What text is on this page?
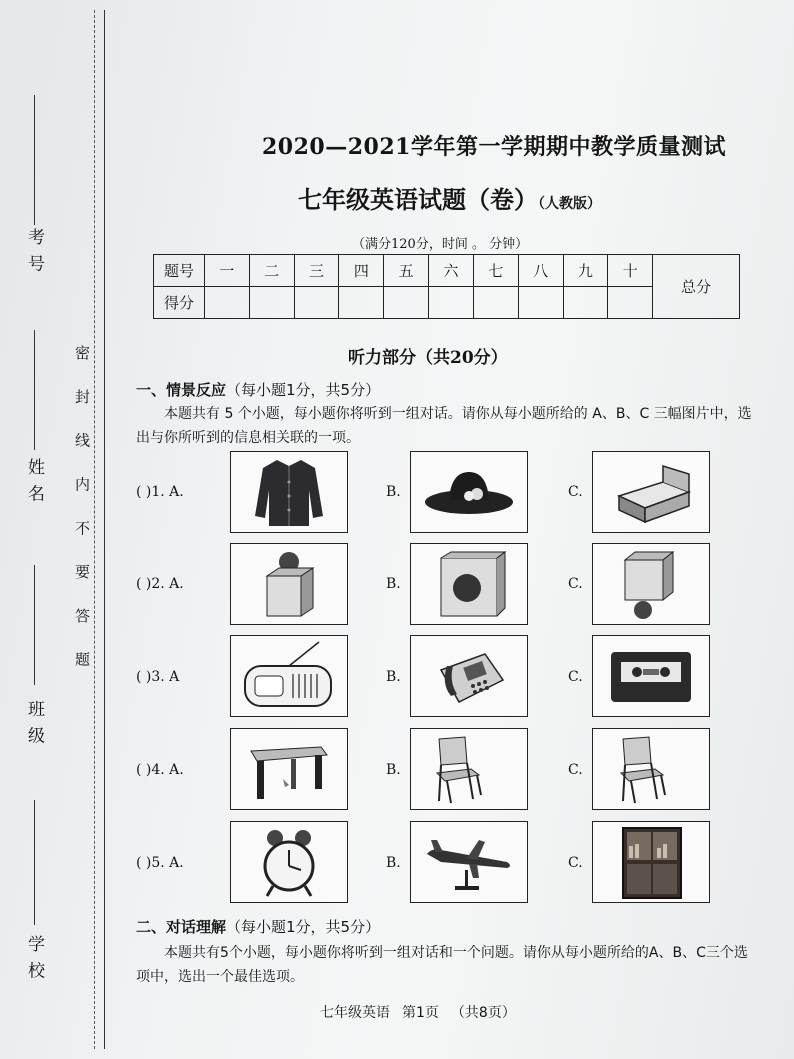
考 号
姓 名
班 级
学 校
密 封 线 内 不 要 答 题
2020—2021学年第一学期期中教学质量测试
七年级英语试题（卷）（人教版）
（满分120分，时间 。 分钟）
题号	一	二	三	四	五	六	七	八	九	十	总分
得分											
听力部分（共20分）
一、情景反应（每小题1分，共5分）
本题共有 5 个小题，每小题你将听到一组对话。请你从每小题所给的 A、B、C 三幅图片中，选出与你所听到的信息相关联的一项。
( )1. A.	B.	C.
( )2. A.	B.	C.
( )3. A	B.	C.
( )4. A.	B.	C.
( )5. A.	B.	C.
二、对话理解（每小题1分，共5分）
本题共有5个小题，每小题你将听到一组对话和一个问题。请你从每小题所给的A、B、C三个选项中，选出一个最佳选项。
七年级英语 第1页 （共8页）
